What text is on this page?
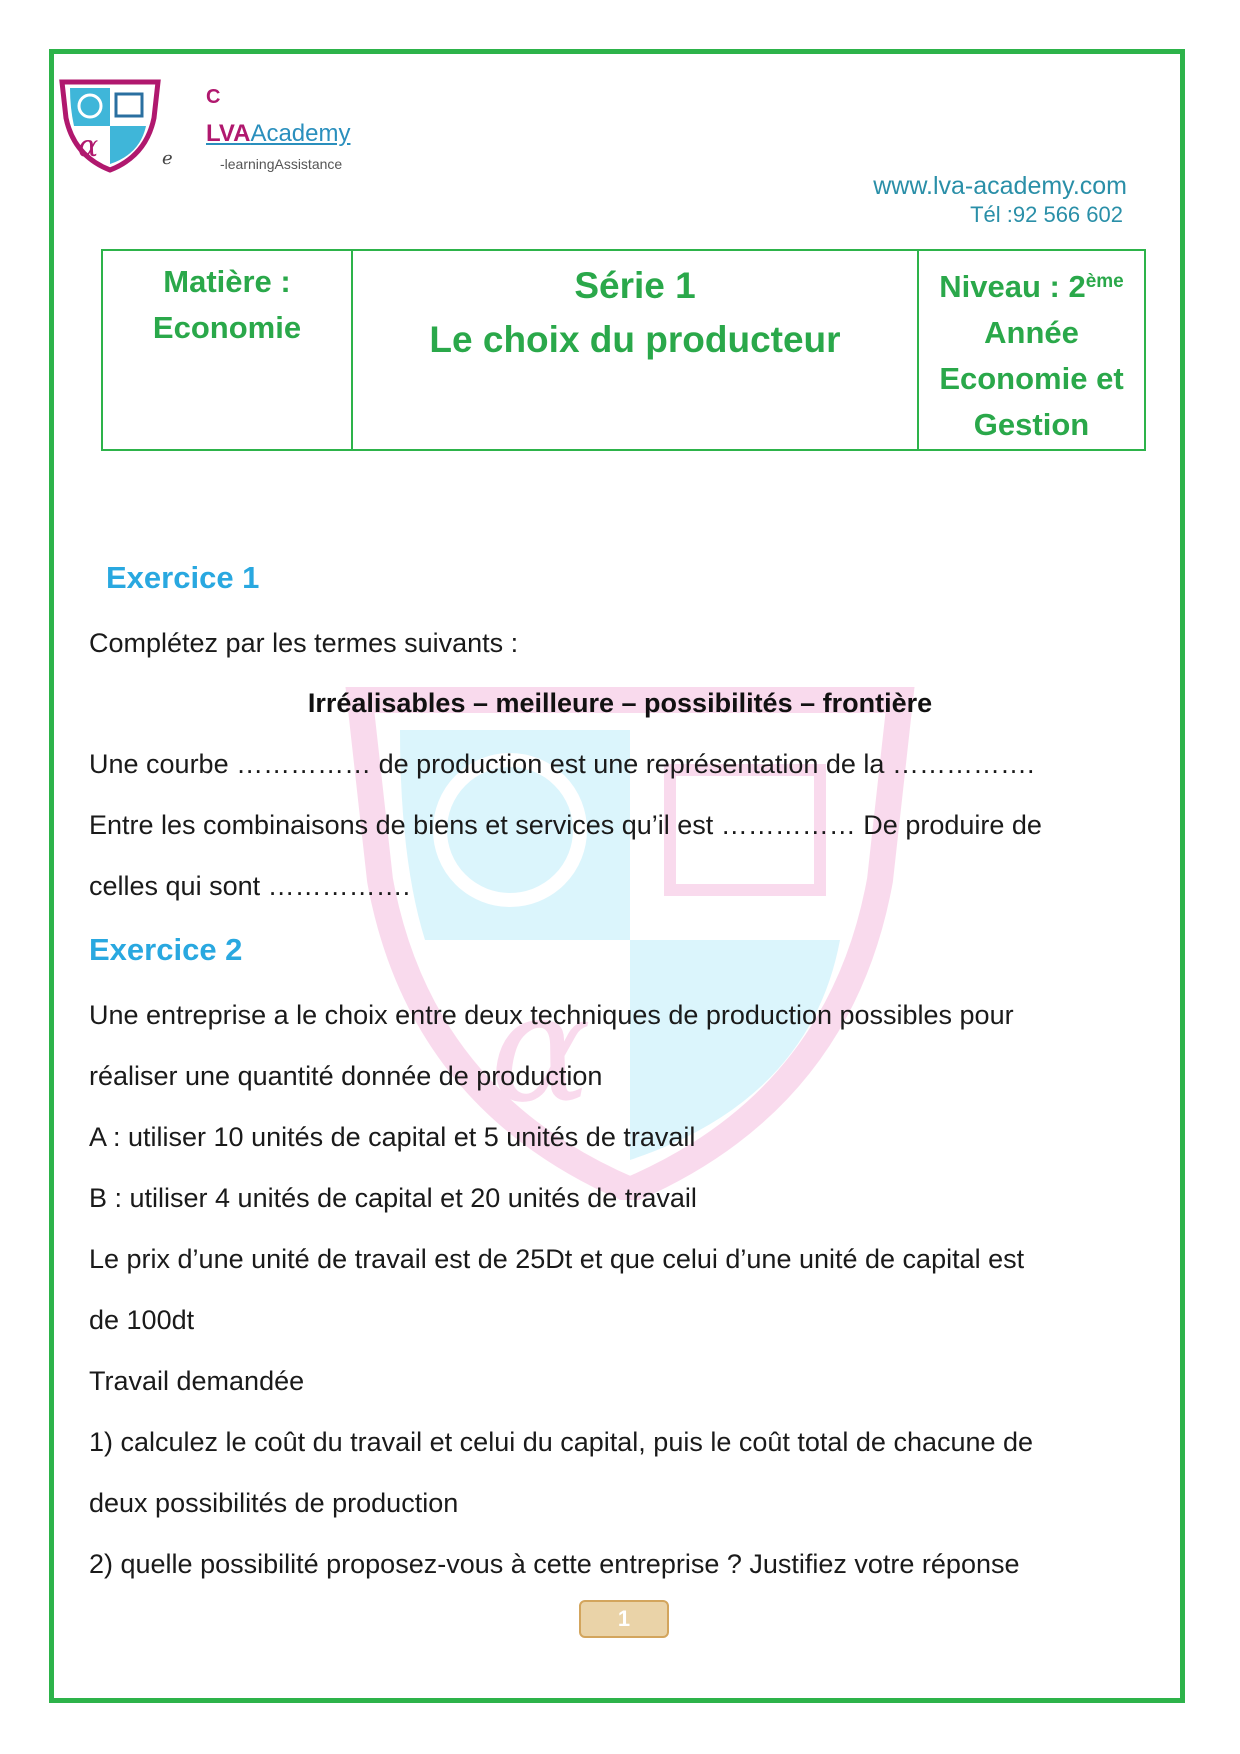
α
α
C
LVAAcademy
e	-learningAssistance
www.lva-academy.com
Tél :92 566 602
Matière :
Economie

Série 1
Le choix du producteur

Niveau : 2ème
Année
Economie et
Gestion
Exercice 1
Complétez par les termes suivants :
Irréalisables – meilleure – possibilités – frontière
Une courbe …………… de production est une représentation de la …………….
Entre les combinaisons de biens et services qu’il est …………… De produire de
celles qui sont …………….
Exercice 2
Une entreprise a le choix entre deux techniques de production possibles pour
réaliser une quantité donnée de production
A : utiliser 10 unités de capital et 5 unités de travail
B : utiliser 4 unités de capital et 20 unités de travail
Le prix d’une unité de travail est de 25Dt et que celui d’une unité de capital est
de 100dt
Travail demandée
1) calculez le coût du travail et celui du capital, puis le coût total de chacune de
deux possibilités de production
2) quelle possibilité proposez-vous à cette entreprise ? Justifiez votre réponse
1
